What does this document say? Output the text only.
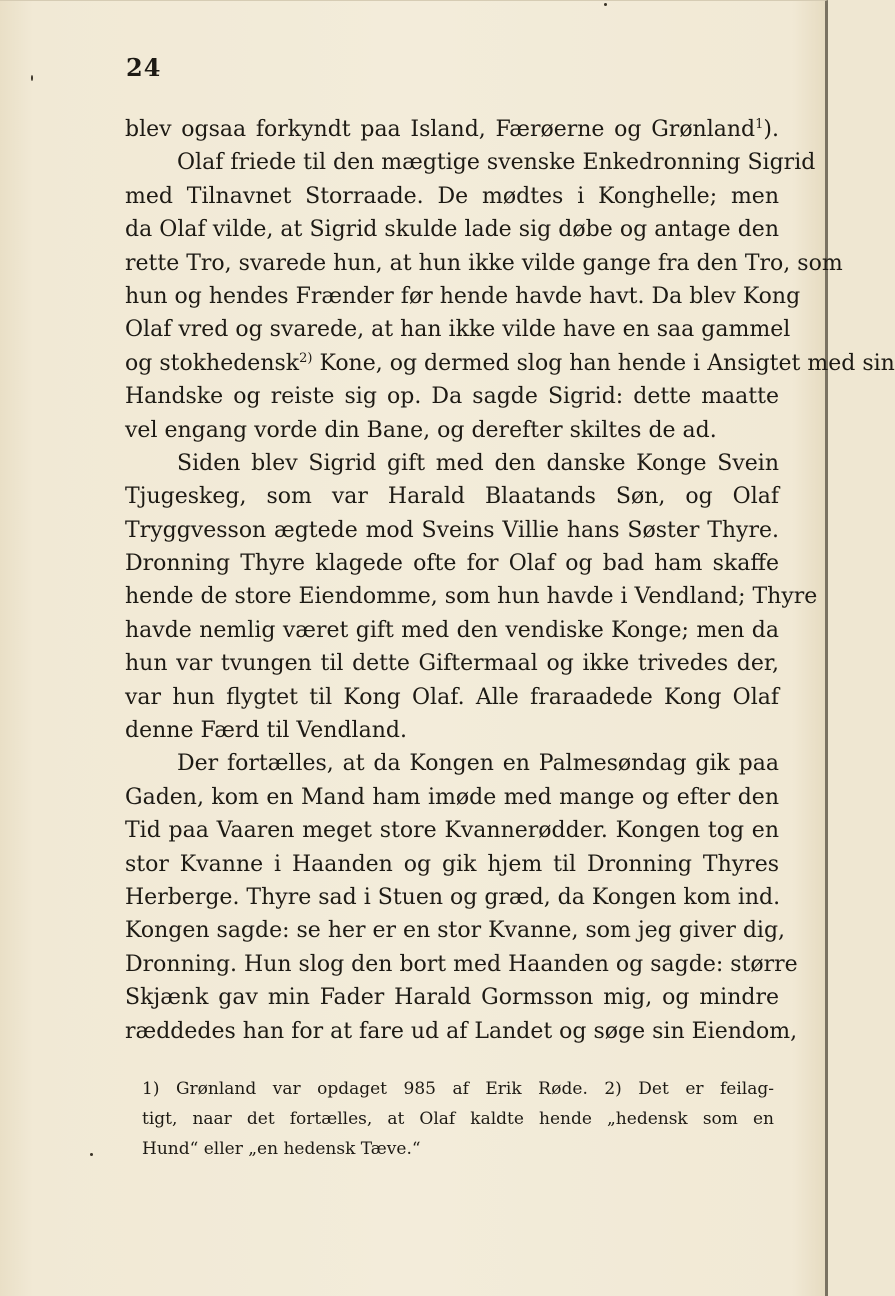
24
blev ogsaa forkyndt paa Island, Færøerne og Grønland$^1$).
Olaf friede til den mægtige svenske Enkedronning Sigrid
med Tilnavnet Storraade. De mødtes i Konghelle; men
da Olaf vilde, at Sigrid skulde lade sig døbe og antage den
rette Tro, svarede hun, at hun ikke vilde gange fra den Tro, som
hun og hendes Frænder før hende havde havt. Da blev Kong
Olaf vred og svarede, at han ikke vilde have en saa gammel
og stokhedensk$^{2)}$ Kone, og dermed slog han hende i Ansigtet med sin
Handske og reiste sig op. Da sagde Sigrid: dette maatte
vel engang vorde din Bane, og derefter skiltes de ad.
Siden blev Sigrid gift med den danske Konge Svein
Tjugeskeg, som var Harald Blaatands Søn, og Olaf
Tryggvesson ægtede mod Sveins Villie hans Søster Thyre.
Dronning Thyre klagede ofte for Olaf og bad ham skaffe
hende de store Eiendomme, som hun havde i Vendland; Thyre
havde nemlig været gift med den vendiske Konge; men da
hun var tvungen til dette Giftermaal og ikke trivedes der,
var hun flygtet til Kong Olaf. Alle fraraadede Kong Olaf
denne Færd til Vendland.
Der fortælles, at da Kongen en Palmesøndag gik paa
Gaden, kom en Mand ham imøde med mange og efter den
Tid paa Vaaren meget store Kvannerødder. Kongen tog en
stor Kvanne i Haanden og gik hjem til Dronning Thyres
Herberge. Thyre sad i Stuen og græd, da Kongen kom ind.
Kongen sagde: se her er en stor Kvanne, som jeg giver dig,
Dronning. Hun slog den bort med Haanden og sagde: større
Skjænk gav min Fader Harald Gormsson mig, og mindre
ræddedes han for at fare ud af Landet og søge sin Eiendom,
1) Grønland var opdaget 985 af Erik Røde. 2) Det er feilag-
tigt, naar det fortælles, at Olaf kaldte hende „hedensk som en
Hund“ eller „en hedensk Tæve.“
